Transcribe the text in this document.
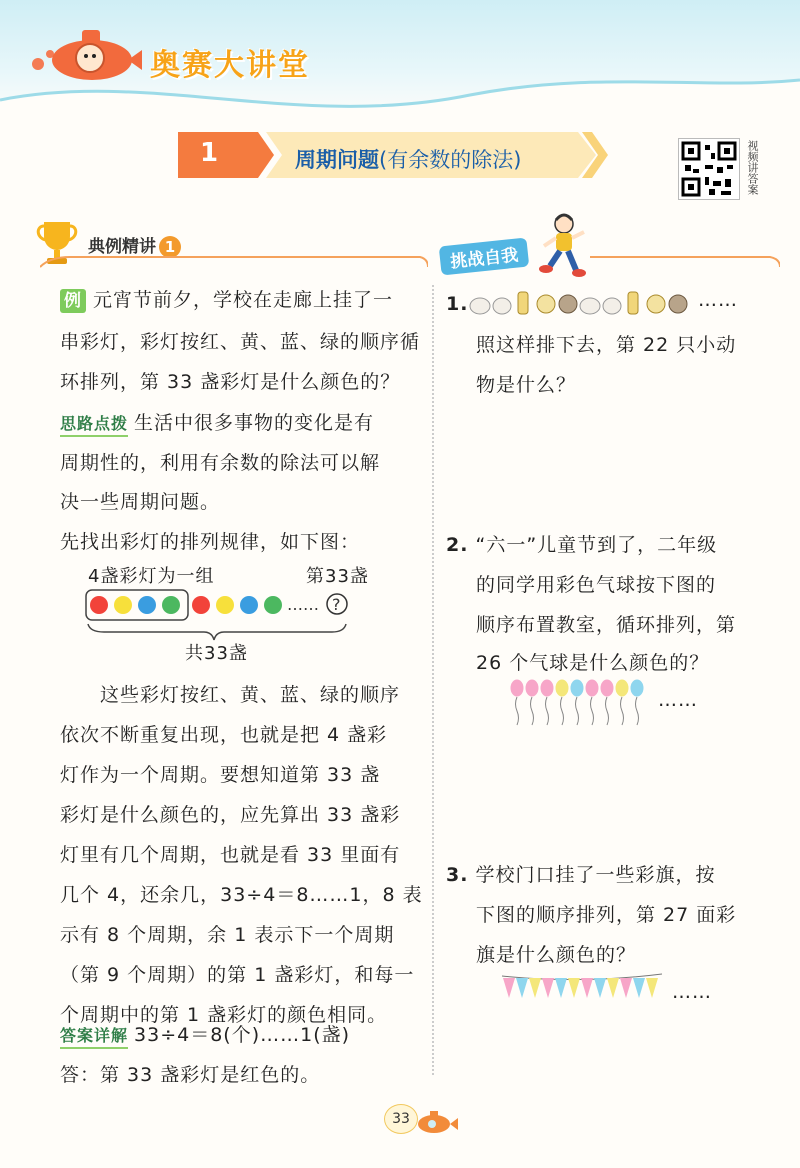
奥赛大讲堂
1	周期问题(有余数的除法)	视频讲答案
典例精讲 1	挑战自我
例 元宵节前夕，学校在走廊上挂了一
串彩灯，彩灯按红、黄、蓝、绿的顺序循
环排列，第 33 盏彩灯是什么颜色的？
思路点拨 生活中很多事物的变化是有
周期性的，利用有余数的除法可以解
决一些周期问题。
先找出彩灯的排列规律，如下图：
4盏彩灯为一组	第33盏
…… ?
共33盏
这些彩灯按红、黄、蓝、绿的顺序
依次不断重复出现，也就是把 4 盏彩
灯作为一个周期。要想知道第 33 盏
彩灯是什么颜色的，应先算出 33 盏彩
灯里有几个周期，也就是看 33 里面有
几个 4，还余几，33÷4＝8……1，8 表
示有 8 个周期，余 1 表示下一个周期
（第 9 个周期）的第 1 盏彩灯，和每一
个周期中的第 1 盏彩灯的颜色相同。
答案详解 33÷4＝8(个)……1(盏)
答：第 33 盏彩灯是红色的。
1.	……
照这样排下去，第 22 只小动
物是什么？
2. “六一”儿童节到了，二年级
的同学用彩色气球按下图的
顺序布置教室，循环排列，第
26 个气球是什么颜色的？
……
3. 学校门口挂了一些彩旗，按
下图的顺序排列，第 27 面彩
旗是什么颜色的？
……
33
